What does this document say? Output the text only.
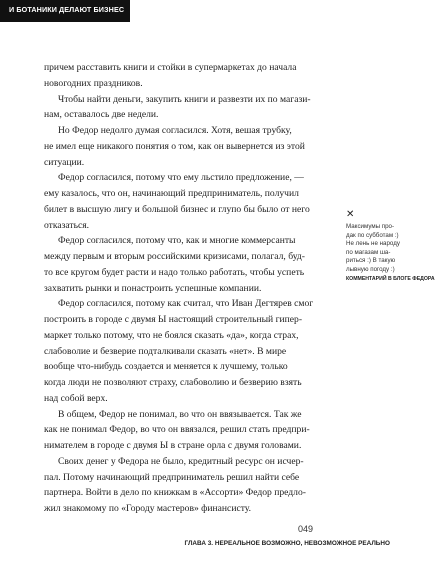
И БОТАНИКИ ДЕЛАЮТ БИЗНЕС

причем расставить книги и стойки в супермаркетах до начала
новогодних праздников.

Чтобы найти деньги, закупить книги и развезти их по магази-
нам, оставалось две недели.

Но Федор недолго думая согласился. Хотя, вешая трубку,
не имел еще никакого понятия о том, как он вывернется из этой
ситуации.

Федор согласился, потому что ему льстило предложение, —
ему казалось, что он, начинающий предприниматель, получил
билет в высшую лигу и большой бизнес и глупо бы было от него
отказаться.

Федор согласился, потому что, как и многие коммерсанты
между первым и вторым российскими кризисами, полагал, буд-
то все кругом будет расти и надо только работать, чтобы успеть
захватить рынки и понастроить успешные компании.

Федор согласился, потому как считал, что Иван Дегтярев смог
построить в городе с двумя Ы настоящий строительный гипер-
маркет только потому, что не боялся сказать «да», когда страх,
слабоволие и безверие подталкивали сказать «нет». В мире
вообще что-нибудь создается и меняется к лучшему, только
когда люди не позволяют страху, слабоволию и безверию взять
над собой верх.

В общем, Федор не понимал, во что он ввязывается. Так же
как не понимал Федор, во что он ввязался, решил стать предпри-
нимателем в городе с двумя Ы в стране орла с двумя головами.

Своих денег у Федора не было, кредитный ресурс он исчер-
пал. Потому начинающий предприниматель решил найти себе
партнера. Войти в дело по книжкам в «Ассорти» Федор предло-
жил знакомому по «Городу мастеров» финансисту.

✕
Максимумы про-
дак по субботам :)
Не лень не народу
по магазам ша-
риться :) В такую
лывную погоду :)
КОММЕНТАРИЙ В БЛОГЕ ФЕДОРА
049
ГЛАВА 3. НЕРЕАЛЬНОЕ ВОЗМОЖНО, НЕВОЗМОЖНОЕ РЕАЛЬНО
